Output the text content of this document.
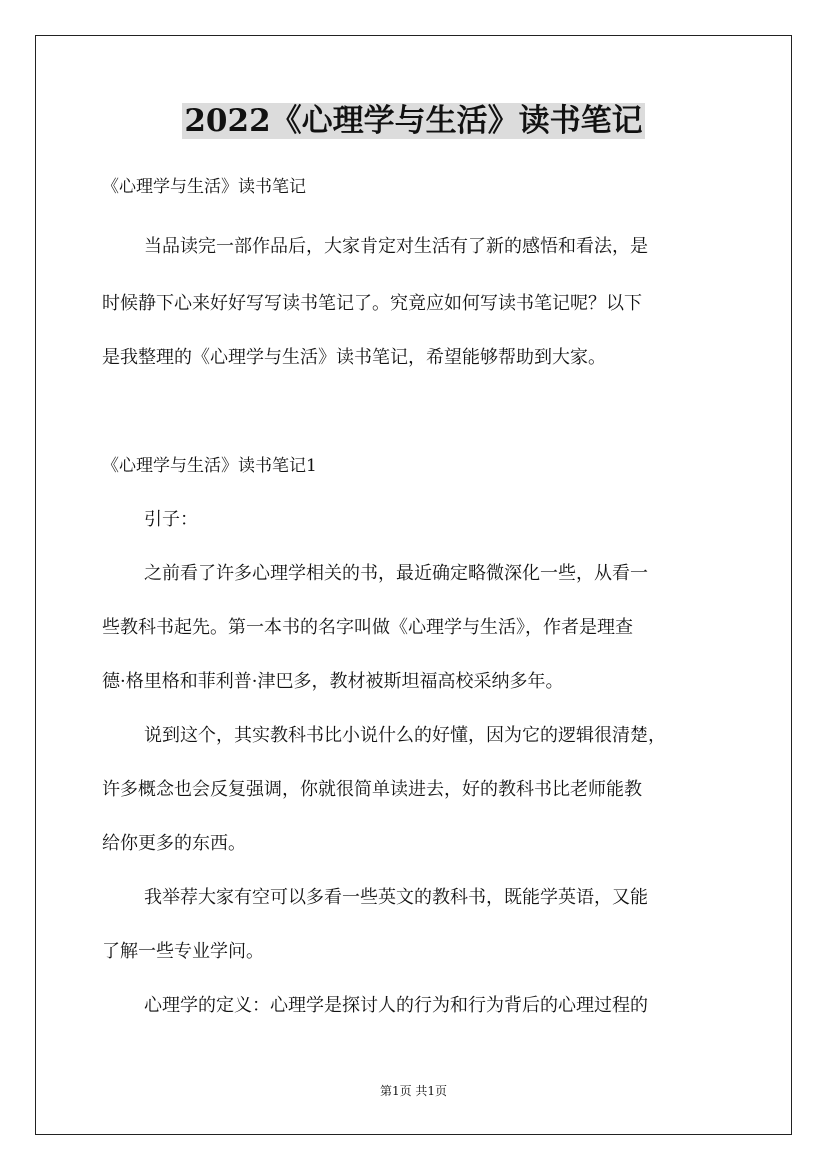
2022《心理学与生活》读书笔记
《心理学与生活》读书笔记
当品读完一部作品后，大家肯定对生活有了新的感悟和看法，是
时候静下心来好好写写读书笔记了。究竟应如何写读书笔记呢？以下
是我整理的《心理学与生活》读书笔记，希望能够帮助到大家。
《心理学与生活》读书笔记1
引子：
之前看了许多心理学相关的书，最近确定略微深化一些，从看一
些教科书起先。第一本书的名字叫做《心理学与生活》，作者是理查
德·格里格和菲利普·津巴多，教材被斯坦福高校采纳多年。
说到这个，其实教科书比小说什么的好懂，因为它的逻辑很清楚，
许多概念也会反复强调，你就很简单读进去，好的教科书比老师能教
给你更多的东西。
我举荐大家有空可以多看一些英文的教科书，既能学英语，又能
了解一些专业学问。
心理学的定义：心理学是探讨人的行为和行为背后的心理过程的
第1页 共1页
